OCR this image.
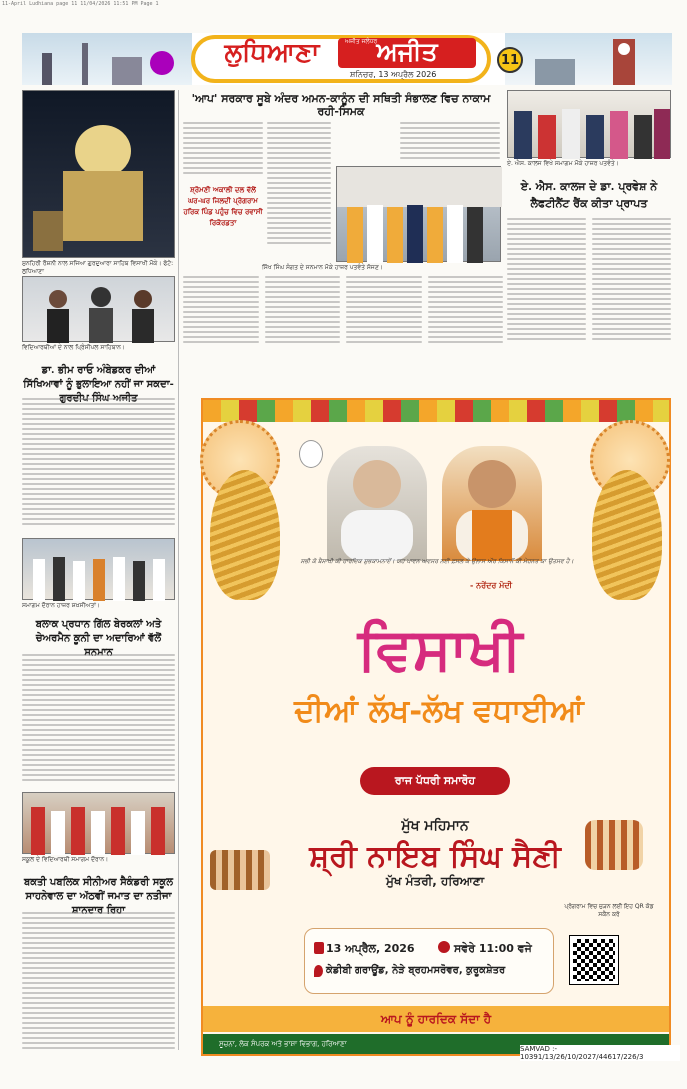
11-April Ludhiana page 11 11/04/2026 11:51 PM Page 1
ਲੁਧਿਆਣਾ	ਅਜੀਤ
ਅਜੀਤ ਜਲੰਧਰ
ਸ਼ਨਿਚਰ, 13 ਅਪ੍ਰੈਲ 2026
11
ਸੁਨਹਿਰੀ ਰੌਸ਼ਨੀ ਨਾਲ ਸਜਿਆ ਗੁਰਦੁਆਰਾ ਸਾਹਿਬ ਵਿਸਾਖੀ ਮੌਕੇ। ਫੋਟੋ: ਲੁਧਿਆਣਾ
ਵਿਦਿਆਰਥੀਆਂ ਦੇ ਨਾਲ ਪ੍ਰਿੰਸੀਪਲ ਸਾਹਿਬਾਨ।
ਡਾ. ਭੀਮ ਰਾਓ ਅੰਬੇਡਕਰ ਦੀਆਂ ਸਿੱਖਿਆਵਾਂ ਨੂੰ ਭੁਲਾਇਆ ਨਹੀਂ ਜਾ ਸਕਦਾ- ਗੁਰਦੀਪ ਸਿੰਘ ਅਜੀਤ
ਸਮਾਗਮ ਦੌਰਾਨ ਹਾਜ਼ਰ ਸ਼ਖ਼ਸੀਅਤਾਂ।
ਬਲਾਕ ਪ੍ਰਧਾਨ ਗਿੱਲ ਬੇਰਕਲਾਂ ਅਤੇ ਚੇਅਰਮੈਨ ਕੂਨੀ ਦਾ ਅਦਾਰਿਆਂ ਵੱਲੋਂ ਸਨਮਾਨ
ਸਕੂਲ ਦੇ ਵਿਦਿਆਰਥੀ ਸਮਾਗਮ ਦੌਰਾਨ।
ਬਕਤੀ ਪਬਲਿਕ ਸੀਨੀਅਰ ਸੈਕੰਡਰੀ ਸਕੂਲ ਸਾਹਨੇਵਾਲ ਦਾ ਅੱਠਵੀਂ ਜਮਾਤ ਦਾ ਨਤੀਜਾ ਸ਼ਾਨਦਾਰ ਰਿਹਾ
'ਆਪ' ਸਰਕਾਰ ਸੂਬੇ ਅੰਦਰ ਅਮਨ-ਕਾਨੂੰਨ ਦੀ ਸਥਿਤੀ ਸੰਭਾਲਣ ਵਿਚ ਨਾਕਾਮ ਰਹੀ-ਸਿਮਕ
ਸ਼੍ਰੋਮਣੀ ਅਕਾਲੀ ਦਲ ਵੱਲੋਂ ਘਰ-ਘਰ ਜਿਲਦੀ ਪ੍ਰੋਗਰਾਮ ਹਰਿਕ ਪਿੰਡ ਪਹੁੰਚ ਵਿਚ ਰਵਾਸੀ ਰਿਕੋਰਡਤਾ
ਸਿੱਖ ਸਿੰਘ ਸੰਗਤ ਦੇ ਸਨਮਾਨ ਮੌਕੇ ਹਾਜ਼ਰ ਪਤਵੰਤੇ ਸੱਜਣ।
ਏ. ਐਸ. ਕਾਲਜ ਵਿਖੇ ਸਮਾਗਮ ਮੌਕੇ ਹਾਜ਼ਰ ਪਤਵੰਤੇ।
ਏ. ਐਸ. ਕਾਲਜ ਦੇ ਡਾ. ਪ੍ਰਵੇਸ਼ ਨੇ ਲੈਫਟੀਨੈਂਟ ਰੈਂਕ ਕੀਤਾ ਪ੍ਰਾਪਤ
ਸਭੀ ਕੋ ਬੈਸਾਖੀ ਕੀ ਹਾਰਦਿਕ ਸ਼ੁਭਕਾਮਨਾਏਂ। ਯਹ ਪਾਵਨ ਅਵਸਰ ਨਈ ਫ਼ਸਲ ਕੇ ਉਲਾਸ ਔਰ ਕਿਸਾਨੋਂ ਕੀ ਮੇਹਨਤ ਕਾ ਉਤਸਵ ਹੈ।
- ਨਰੇਂਦਰ ਮੋਦੀ
ਵਿਸਾਖੀ
ਦੀਆਂ ਲੱਖ-ਲੱਖ ਵਧਾਈਆਂ
ਰਾਜ ਪੱਧਰੀ ਸਮਾਰੋਹ
ਮੁੱਖ ਮਹਿਮਾਨ
ਸ਼੍ਰੀ ਨਾਇਬ ਸਿੰਘ ਸੈਣੀ
ਮੁੱਖ ਮੰਤਰੀ, ਹਰਿਆਣਾ
13 ਅਪ੍ਰੈਲ, 2026	ਸਵੇਰੇ 11:00 ਵਜੇ
ਕੇਡੀਬੀ ਗਰਾਊਂਡ, ਨੇੜੇ ਬ੍ਰਹਮਸਰੋਵਰ, ਕੁਰੂਕਸ਼ੇਤਰ
ਪ੍ਰੋਗਰਾਮ ਵਿਚ ਜੁੜਨ ਲਈ ਇਹ QR ਕੋਡ ਸਕੈਨ ਕਰੋ
ਆਪ ਨੂੰ ਹਾਰਦਿਕ ਸੱਦਾ ਹੈ
ਸੂਚਨਾ, ਲੋਕ ਸੰਪਰਕ ਅਤੇ ਭਾਸ਼ਾ ਵਿਭਾਗ, ਹਰਿਆਣਾ
SAMVAD :- 10391/13/26/10/2027/44617/226/3
